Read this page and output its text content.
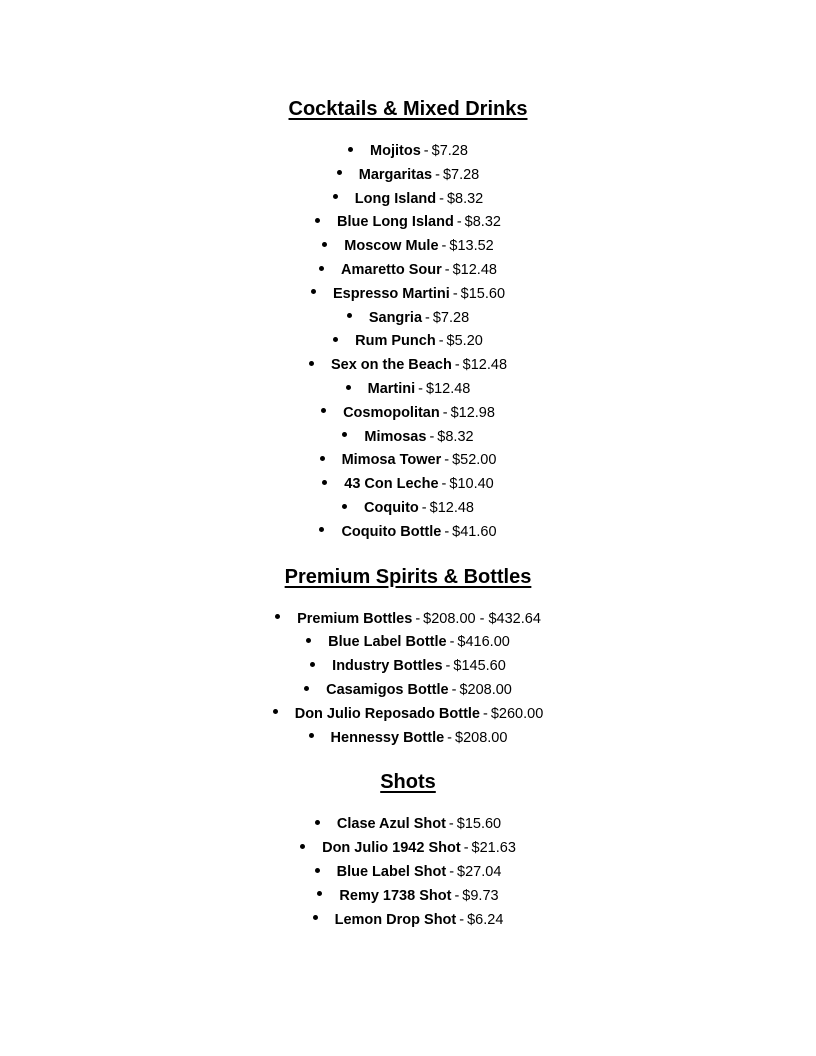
Cocktails & Mixed Drinks
Mojitos - $7.28
Margaritas - $7.28
Long Island - $8.32
Blue Long Island - $8.32
Moscow Mule - $13.52
Amaretto Sour - $12.48
Espresso Martini - $15.60
Sangria - $7.28
Rum Punch - $5.20
Sex on the Beach - $12.48
Martini - $12.48
Cosmopolitan - $12.98
Mimosas - $8.32
Mimosa Tower - $52.00
43 Con Leche - $10.40
Coquito - $12.48
Coquito Bottle - $41.60
Premium Spirits & Bottles
Premium Bottles - $208.00 - $432.64
Blue Label Bottle - $416.00
Industry Bottles - $145.60
Casamigos Bottle - $208.00
Don Julio Reposado Bottle - $260.00
Hennessy Bottle - $208.00
Shots
Clase Azul Shot - $15.60
Don Julio 1942 Shot - $21.63
Blue Label Shot - $27.04
Remy 1738 Shot - $9.73
Lemon Drop Shot - $6.24
